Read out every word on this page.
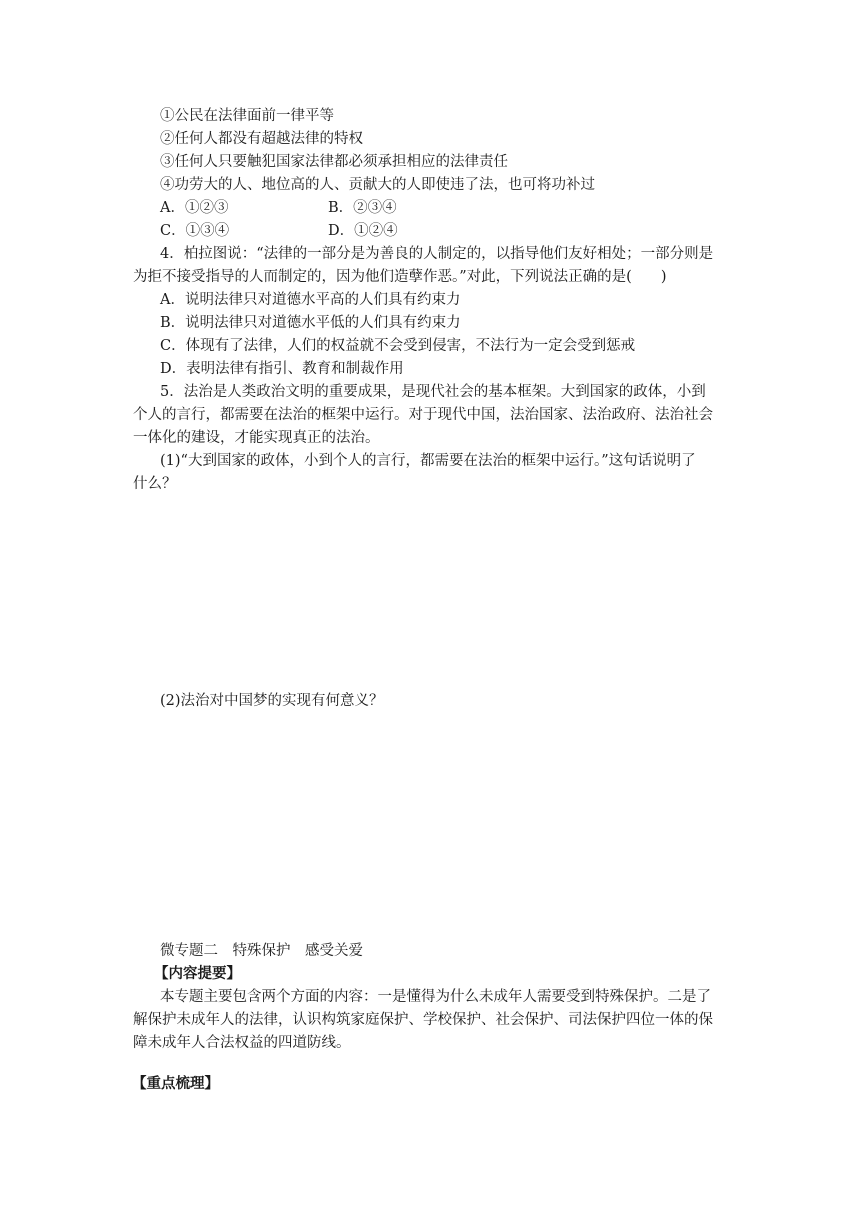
①公民在法律面前一律平等

②任何人都没有超越法律的特权

③任何人只要触犯国家法律都必须承担相应的法律责任

④功劳大的人、地位高的人、贡献大的人即使违了法，也可将功补过

A．①②③	B．②③④

C．①③④	D．①②④

4．柏拉图说：“法律的一部分是为善良的人制定的，以指导他们友好相处；一部分则是

为拒不接受指导的人而制定的，因为他们造孽作恶。”对此，下列说法正确的是(　　)

A．说明法律只对道德水平高的人们具有约束力

B．说明法律只对道德水平低的人们具有约束力

C．体现有了法律，人们的权益就不会受到侵害，不法行为一定会受到惩戒

D．表明法律有指引、教育和制裁作用

5．法治是人类政治文明的重要成果，是现代社会的基本框架。大到国家的政体，小到

个人的言行，都需要在法治的框架中运行。对于现代中国，法治国家、法治政府、法治社会

一体化的建设，才能实现真正的法治。

(1)“大到国家的政体，小到个人的言行，都需要在法治的框架中运行。”这句话说明了

什么？

(2)法治对中国梦的实现有何意义？

微专题二　特殊保护　感受关爱

【内容提要】

本专题主要包含两个方面的内容：一是懂得为什么未成年人需要受到特殊保护。二是了

解保护未成年人的法律，认识构筑家庭保护、学校保护、社会保护、司法保护四位一体的保

障未成年人合法权益的四道防线。

【重点梳理】
